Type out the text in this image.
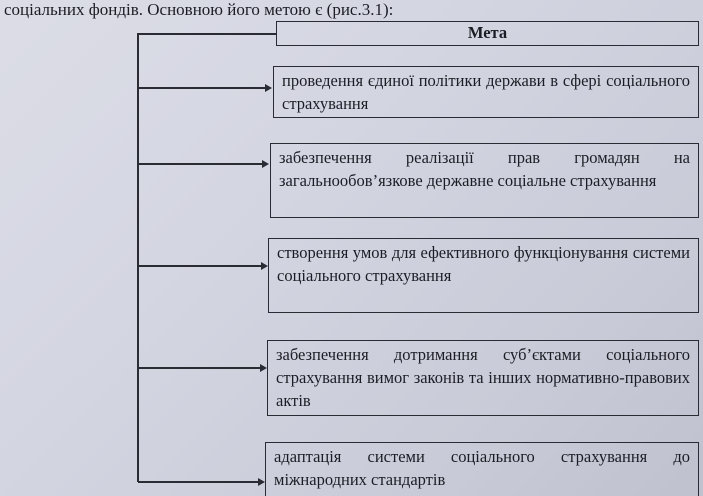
соціальних фондів. Основною його метою є (рис.3.1):

Мета
проведення єдиної політики держави в сфері соціального страхування
забезпечення реалізації прав громадян на загальнообов’язкове державне соціальне страхування
створення умов для ефективного функціонування системи соціального страхування
забезпечення дотримання суб’єктами соціального страхування вимог законів та інших нормативно-правових актів
адаптація системи соціального страхування до міжнародних стандартів
